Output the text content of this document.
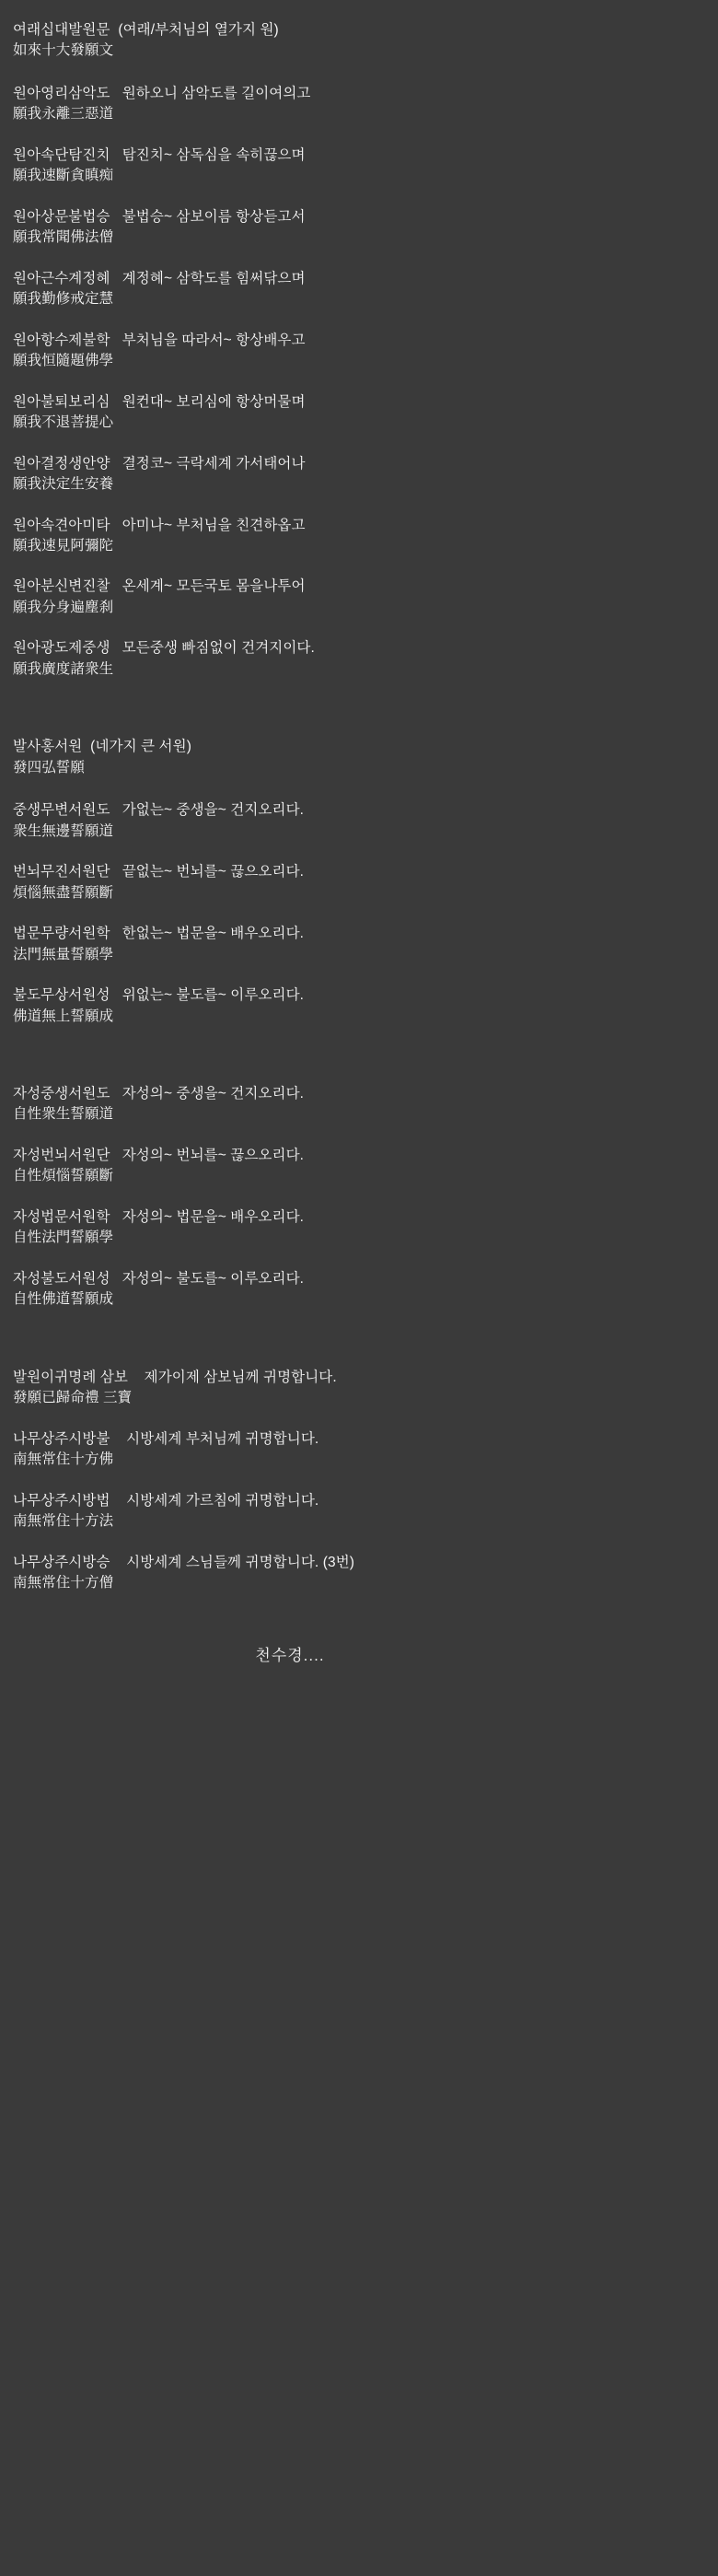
여래십대발원문  (여래/부처님의 열가지 원)
如來十大發願文
원아영리삼악도   원하오니 삼악도를 길이여의고
願我永離三惡道
원아속단탐진치   탐진치~ 삼독심을 속히끊으며
願我速斷貪瞋痴
원아상문불법승   불법승~ 삼보이름 항상듣고서
願我常聞佛法僧
원아근수계정혜   계정혜~ 삼학도를 힘써닦으며
願我勤修戒定慧
원아항수제불학   부처님을 따라서~ 항상배우고
願我恒隨題佛學
원아불퇴보리심   원컨대~ 보리심에 항상머물며
願我不退菩提心
원아결정생안양   결정코~ 극락세계 가서태어나
願我決定生安養
원아속견아미타   아미나~ 부처님을 친견하옵고
願我速見阿彌陀
원아분신변진찰   온세계~ 모든국토 몸을나투어
願我分身遍塵刹
원아광도제중생   모든중생 빠짐없이 건겨지이다.
願我廣度諸衆生
발사홍서원  (네가지 큰 서원)
發四弘誓願
중생무변서원도   가없는~ 중생을~ 건지오리다.
衆生無邊誓願道
번뇌무진서원단   끝없는~ 번뇌를~ 끊으오리다.
煩惱無盡誓願斷
법문무량서원학   한없는~ 법문을~ 배우오리다.
法門無量誓願學
불도무상서원성   위없는~ 불도를~ 이루오리다.
佛道無上誓願成
자성중생서원도   자성의~ 중생을~ 건지오리다.
自性衆生誓願道
자성번뇌서원단   자성의~ 번뇌를~ 끊으오리다.
自性煩惱誓願斷
자성법문서원학   자성의~ 법문을~ 배우오리다.
自性法門誓願學
자성불도서원성   자성의~ 불도를~ 이루오리다.
自性佛道誓願成
발원이귀명례 삼보    제가이제 삼보님께 귀명합니다.
發願已歸命禮 三寶
나무상주시방불    시방세계 부처님께 귀명합니다.
南無常住十方佛
나무상주시방법    시방세계 가르침에 귀명합니다.
南無常住十方法
나무상주시방승    시방세계 스님들께 귀명합니다. (3번)
南無常住十方僧
천수경....
